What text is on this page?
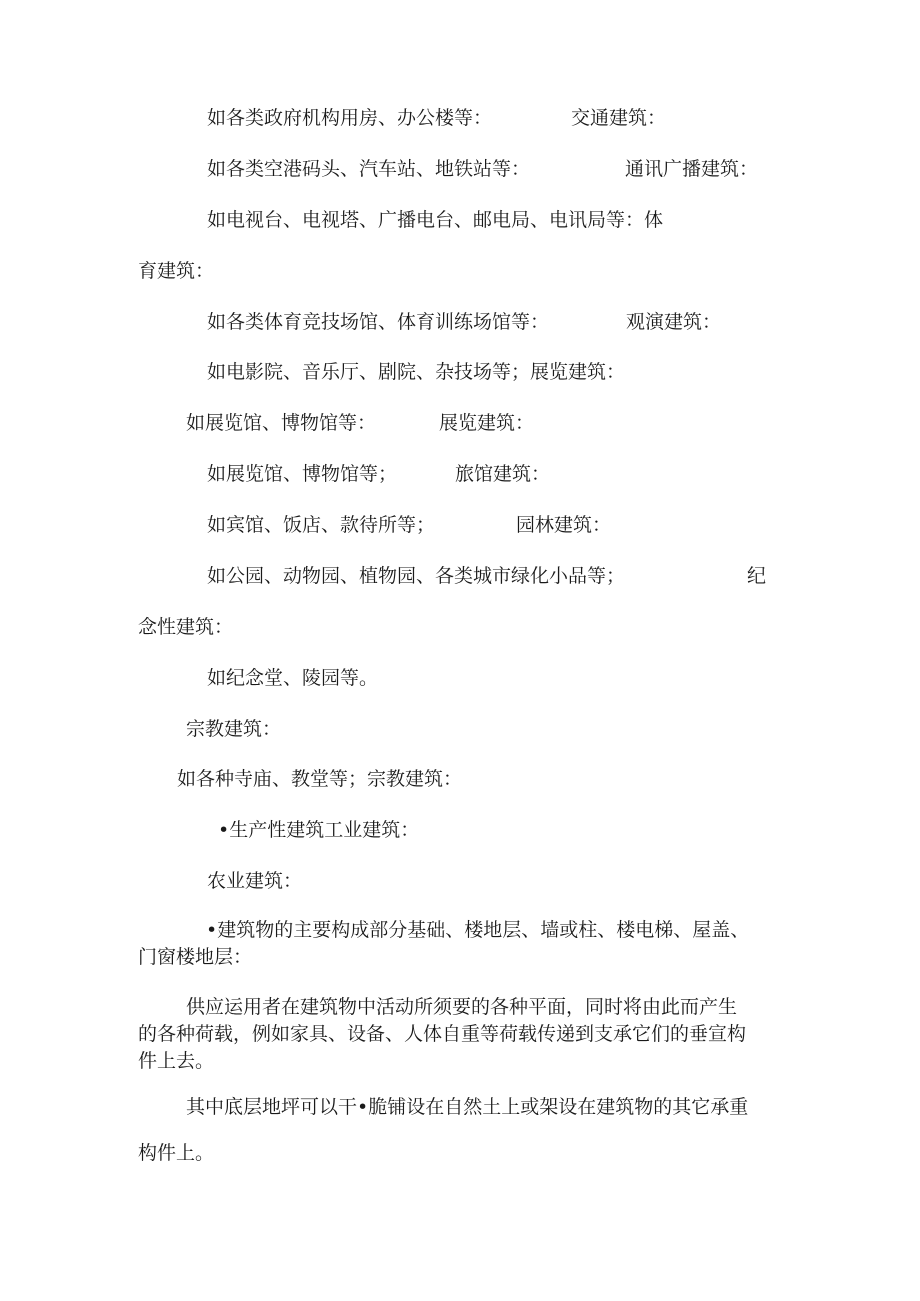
如各类政府机构用房、办公楼等：	交通建筑：
如各类空港码头、汽车站、地铁站等：	通讯广播建筑：
如电视台、电视塔、广播电台、邮电局、电讯局等：体
育建筑：
如各类体育竞技场馆、体育训练场馆等：	观演建筑：
如电影院、音乐厅、剧院、杂技场等；展览建筑：
如展览馆、博物馆等：	展览建筑：
如展览馆、博物馆等；	旅馆建筑：
如宾馆、饭店、款待所等；	园林建筑：
如公园、动物园、植物园、各类城市绿化小品等；	纪
念性建筑：
如纪念堂、陵园等。
宗教建筑：
如各种寺庙、教堂等；宗教建筑：
•生产性建筑工业建筑：
农业建筑：
•建筑物的主要构成部分基础、楼地层、墙或柱、楼电梯、屋盖、
门窗楼地层：
供应运用者在建筑物中活动所须要的各种平面，同时将由此而产生
的各种荷载，例如家具、设备、人体自重等荷载传递到支承它们的垂宣构
件上去。
其中底层地坪可以干•脆铺设在自然土上或架设在建筑物的其它承重
构件上。
